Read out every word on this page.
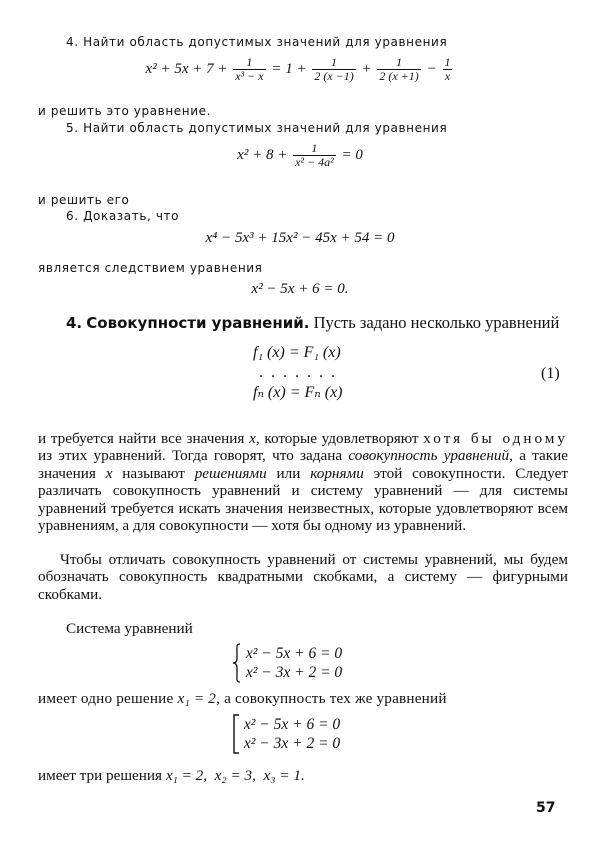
4. Найти область допустимых значений для уравнения
$x^2 + 5x + 7 + \frac{1}{\text{x³ − x}} = 1 + \frac{1}{2 (x -1)} + \frac{1}{2 (x +1)} - \frac{1}{x}$
и решить это уравнение.
5. Найти область допустимых значений для уравнения
$x^2 + 8 + \frac{1}{\text{x² − 4a²}} = 0$
и решить его
6. Доказать, что
x⁴ − 5x³ + 15x² − 45x + 54 = 0
является следствием уравнения
x² − 5x + 6 = 0.
4. Совокупности уравнений. Пусть задано несколько уравнений
f₁ (x) = F₁ (x)
. . . . . . .
fₙ (x) = Fₙ (x)
(1)
и требуется найти все значения x, которые удовлетворяют хотя бы одному из этих уравнений. Тогда говорят, что задана совокупность уравнений, а такие значения x называют решениями или корнями этой совокупности. Следует различать совокупность уравнений и систему уравнений — для системы уравнений требуется искать значения неизвестных, которые удовлетворяют всем уравнениям, а для совокупности — хотя бы одному из уравнений.
Чтобы отличать совокупность уравнений от системы уравнений, мы будем обозначать совокупность квадратными скобками, а систему — фигурными скобками.
Система уравнений

x² − 5x + 6 = 0
x² − 3x + 2 = 0
имеет одно решение x₁ = 2, а совокупность тех же уравнений

x² − 5x + 6 = 0
x² − 3x + 2 = 0
имеет три решения x₁ = 2,  x₂ = 3,  x₃ = 1.
57
